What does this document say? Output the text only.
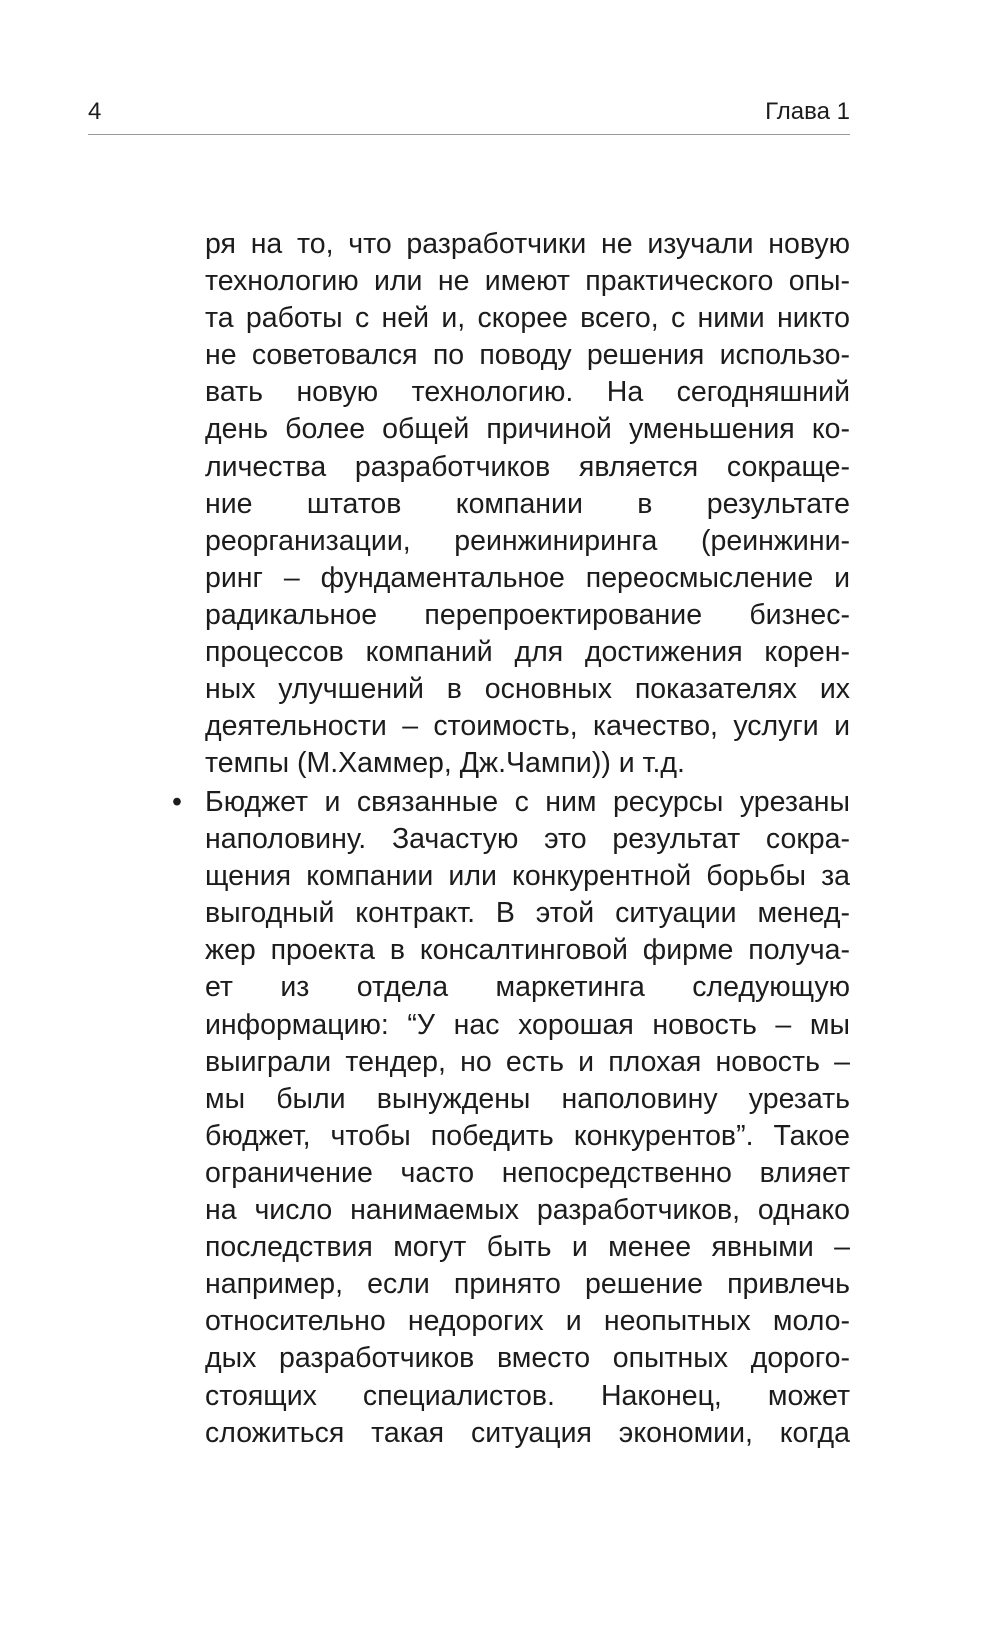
4	Глава 1
ря на то, что разработчики не изучали новую
технологию или не имеют практического опы-
та работы с ней и, скорее всего, с ними никто
не советовался по поводу решения использо-
вать новую технологию. На сегодняшний
день более общей причиной уменьшения ко-
личества разработчиков является сокраще-
ние штатов компании в результате
реорганизации, реинжиниринга (реинжини-
ринг – фундаментальное переосмысление и
радикальное перепроектирование бизнес-
процессов компаний для достижения корен-
ных улучшений в основных показателях их
деятельности – стоимость, качество, услуги и
темпы (М.Хаммер, Дж.Чампи)) и т.д.
• Бюджет и связанные с ним ресурсы урезаны
наполовину. Зачастую это результат сокра-
щения компании или конкурентной борьбы за
выгодный контракт. В этой ситуации менед-
жер проекта в консалтинговой фирме получа-
ет из отдела маркетинга следующую
информацию: “У нас хорошая новость – мы
выиграли тендер, но есть и плохая новость –
мы были вынуждены наполовину урезать
бюджет, чтобы победить конкурентов”. Такое
ограничение часто непосредственно влияет
на число нанимаемых разработчиков, однако
последствия могут быть и менее явными –
например, если принято решение привлечь
относительно недорогих и неопытных моло-
дых разработчиков вместо опытных дорого-
стоящих специалистов. Наконец, может
сложиться такая ситуация экономии, когда
